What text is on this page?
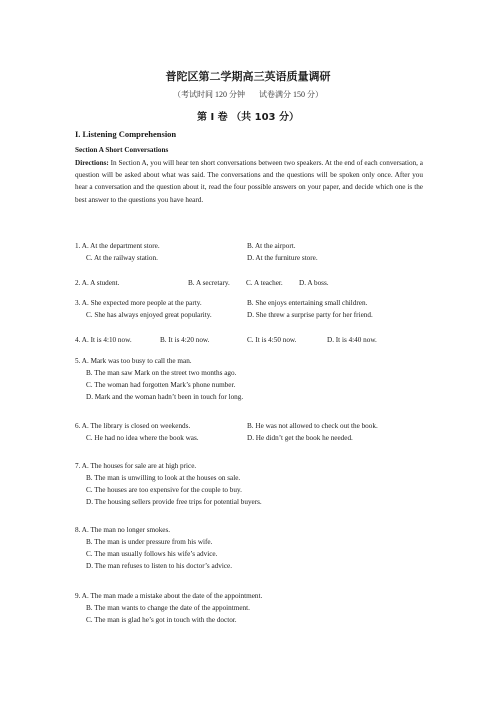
普陀区第二学期高三英语质量调研
（考试时间 120 分钟 试卷满分 150 分）
第 I 卷 （共 103 分）
I. Listening Comprehension
Section A Short Conversations
Directions: In Section A, you will hear ten short conversations between two speakers. At the end of each conversation, a question will be asked about what was said. The conversations and the questions will be spoken only once. After you hear a conversation and the question about it, read the four possible answers on your paper, and decide which one is the best answer to the questions you have heard.
1. A. At the department store.	B. At the airport.
C. At the railway station.	D. At the furniture store.
2. A. A student.	B. A secretary.	C. A teacher.	D. A boss.
3. A. She expected more people at the party.	B. She enjoys entertaining small children.
C. She has always enjoyed great popularity.	D. She threw a surprise party for her friend.
4. A. It is 4:10 now.	B. It is 4:20 now.	C. It is 4:50 now.	D. It is 4:40 now.
5. A. Mark was too busy to call the man.
B. The man saw Mark on the street two months ago.
C. The woman had forgotten Mark’s phone number.
D. Mark and the woman hadn’t been in touch for long.
6. A. The library is closed on weekends.	B. He was not allowed to check out the book.
C. He had no idea where the book was.	D. He didn’t get the book he needed.
7. A. The houses for sale are at high price.
B. The man is unwilling to look at the houses on sale.
C. The houses are too expensive for the couple to buy.
D. The housing sellers provide free trips for potential buyers.
8. A. The man no longer smokes.
B. The man is under pressure from his wife.
C. The man usually follows his wife’s advice.
D. The man refuses to listen to his doctor’s advice.
9. A. The man made a mistake about the date of the appointment.
B. The man wants to change the date of the appointment.
C. The man is glad he’s got in touch with the doctor.
